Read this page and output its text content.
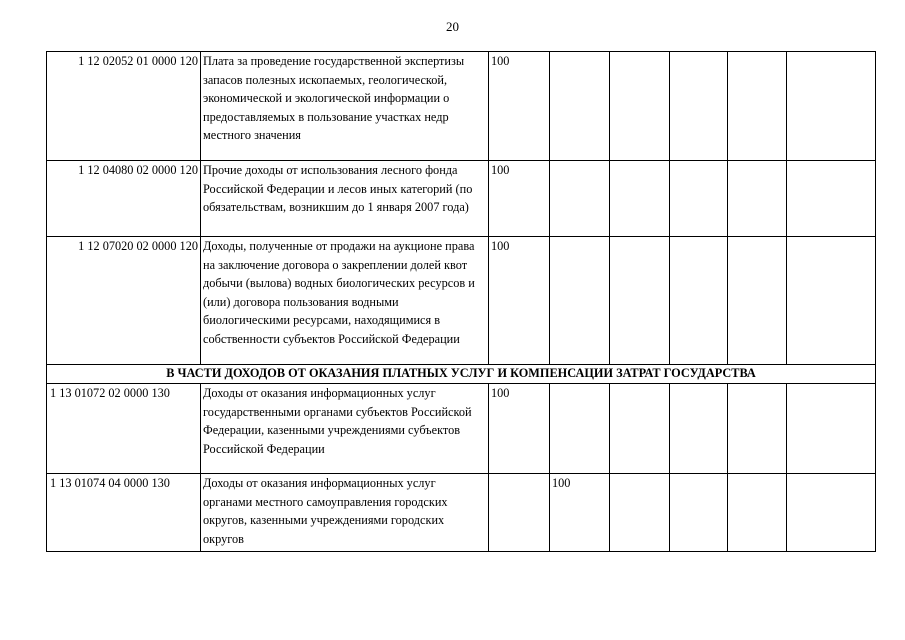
20
1 12 02052 01 0000 120	Плата за проведение государственной экспертизы запасов полезных ископаемых, геологической, экономической и экологической информации о предоставляемых в пользование участках недр местного значения	100					
1 12 04080 02 0000 120	Прочие доходы от использования лесного фонда Российской Федерации и лесов иных категорий (по обязательствам, возникшим до 1 января 2007 года)	100					
1 12 07020 02 0000 120	Доходы, полученные от продажи на аукционе права на заключение договора о закреплении долей квот добычи (вылова) водных биологических ресурсов и (или) договора пользования водными биологическими ресурсами, находящимися в собственности субъектов Российской Федерации	100					
В ЧАСТИ ДОХОДОВ ОТ ОКАЗАНИЯ ПЛАТНЫХ УСЛУГ И КОМПЕНСАЦИИ ЗАТРАТ ГОСУДАРСТВА							
1 13 01072 02 0000 130	Доходы от оказания информационных услуг государственными органами субъектов Российской Федерации, казенными учреждениями субъектов Российской Федерации	100					
1 13 01074 04 0000 130	Доходы от оказания информационных услуг органами местного самоуправления городских округов, казенными учреждениями городских округов		100				
